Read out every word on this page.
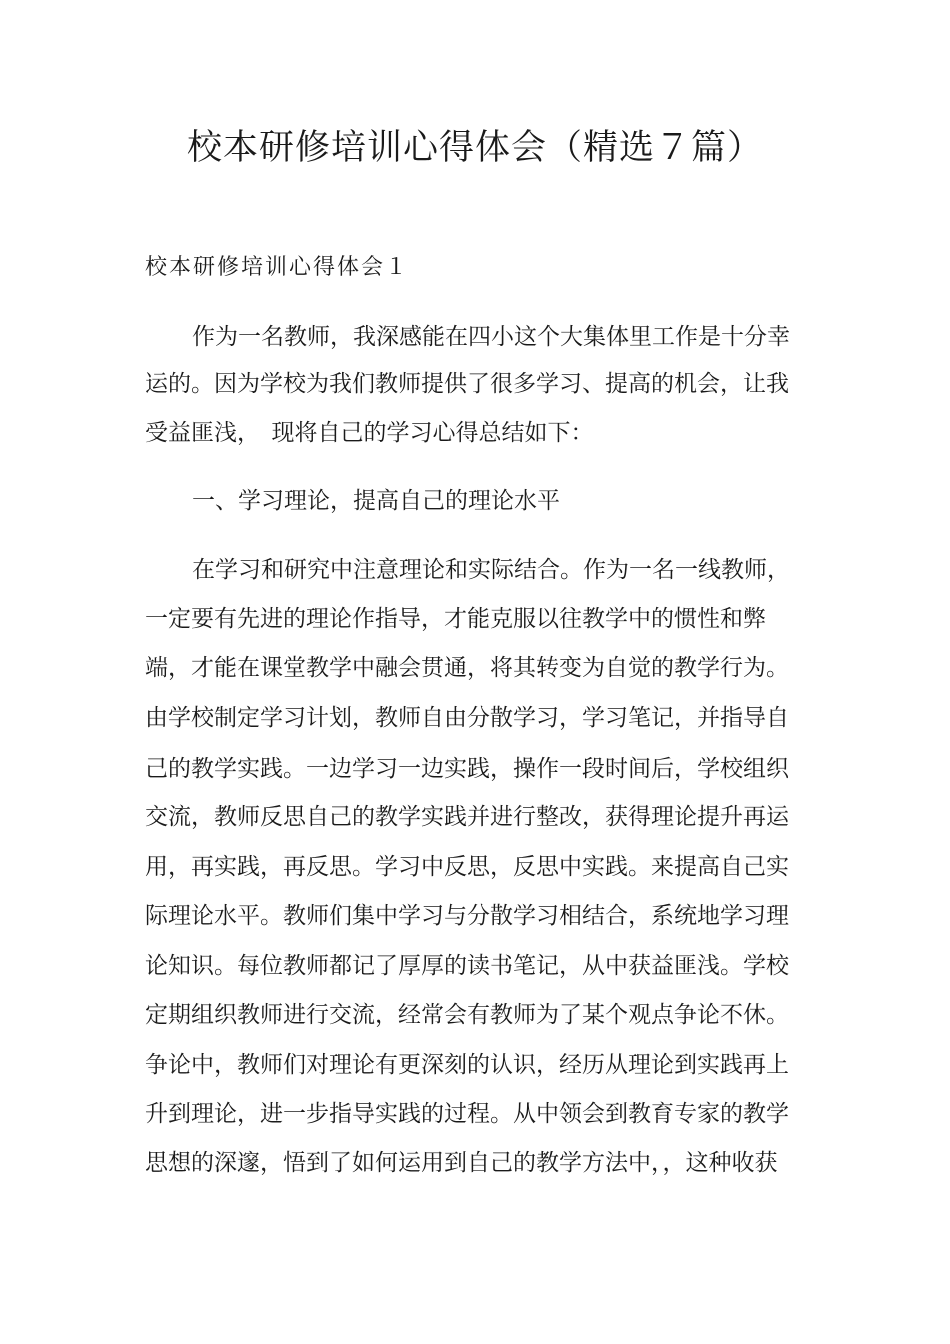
校本研修培训心得体会（精选７篇）
校本研修培训心得体会１
作为一名教师，我深感能在四小这个大集体里工作是十分幸
运的。因为学校为我们教师提供了很多学习、提高的机会，让我
受益匪浅，　现将自己的学习心得总结如下：
一、学习理论，提高自己的理论水平
在学习和研究中注意理论和实际结合。作为一名一线教师，
一定要有先进的理论作指导，才能克服以往教学中的惯性和弊
端，才能在课堂教学中融会贯通，将其转变为自觉的教学行为。
由学校制定学习计划，教师自由分散学习，学习笔记，并指导自
己的教学实践。一边学习一边实践，操作一段时间后，学校组织
交流，教师反思自己的教学实践并进行整改，获得理论提升再运
用，再实践，再反思。学习中反思，反思中实践。来提高自己实
际理论水平。教师们集中学习与分散学习相结合，系统地学习理
论知识。每位教师都记了厚厚的读书笔记，从中获益匪浅。学校
定期组织教师进行交流，经常会有教师为了某个观点争论不休。
争论中，教师们对理论有更深刻的认识，经历从理论到实践再上
升到理论，进一步指导实践的过程。从中领会到教育专家的教学
思想的深邃，悟到了如何运用到自己的教学方法中，，这种收获
